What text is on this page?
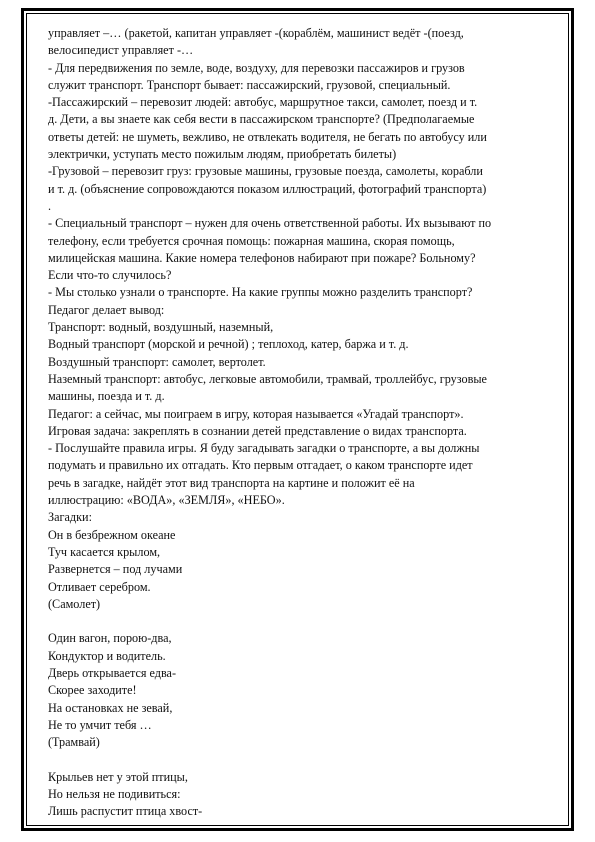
управляет –… (ракетой, капитан управляет -(кораблём, машинист ведёт -(поезд,
велосипедист управляет -…
- Для передвижения по земле, воде, воздуху, для перевозки пассажиров и грузов
служит транспорт. Транспорт бывает: пассажирский, грузовой, специальный.
-Пассажирский – перевозит людей: автобус, маршрутное такси, самолет, поезд и т.
д. Дети, а вы знаете как себя вести в пассажирском транспорте? (Предполагаемые
ответы детей: не шуметь, вежливо, не отвлекать водителя, не бегать по автобусу или
электрички, уступать место пожилым людям, приобретать билеты)
-Грузовой – перевозит груз: грузовые машины, грузовые поезда, самолеты, корабли
и т. д. (объяснение сопровождаются показом иллюстраций, фотографий транспорта)
.
- Специальный транспорт – нужен для очень ответственной работы. Их вызывают по
телефону, если требуется срочная помощь: пожарная машина, скорая помощь,
милицейская машина. Какие номера телефонов набирают при пожаре? Больному?
Если что-то случилось?
- Мы столько узнали о транспорте. На какие группы можно разделить транспорт?
Педагог делает вывод:
Транспорт: водный, воздушный, наземный,
Водный транспорт (морской и речной) ; теплоход, катер, баржа и т. д.
Воздушный транспорт: самолет, вертолет.
Наземный транспорт: автобус, легковые автомобили, трамвай, троллейбус, грузовые
машины, поезда и т. д.
Педагог: а сейчас, мы поиграем в игру, которая называется «Угадай транспорт».
Игровая задача: закреплять в сознании детей представление о видах транспорта.
- Послушайте правила игры. Я буду загадывать загадки о транспорте, а вы должны
подумать и правильно их отгадать. Кто первым отгадает, о каком транспорте идет
речь в загадке, найдёт этот вид транспорта на картине и положит её на
иллюстрацию: «ВОДА», «ЗЕМЛЯ», «НЕБО».
Загадки:
Он в безбрежном океане
Туч касается крылом,
Развернется – под лучами
Отливает серебром.
(Самолет)
Один вагон, порою-два,
Кондуктор и водитель.
Дверь открывается едва-
Скорее заходите!
На остановках не зевай,
Не то умчит тебя …
(Трамвай)
Крыльев нет у этой птицы,
Но нельзя не подивиться:
Лишь распустит птица хвост-
